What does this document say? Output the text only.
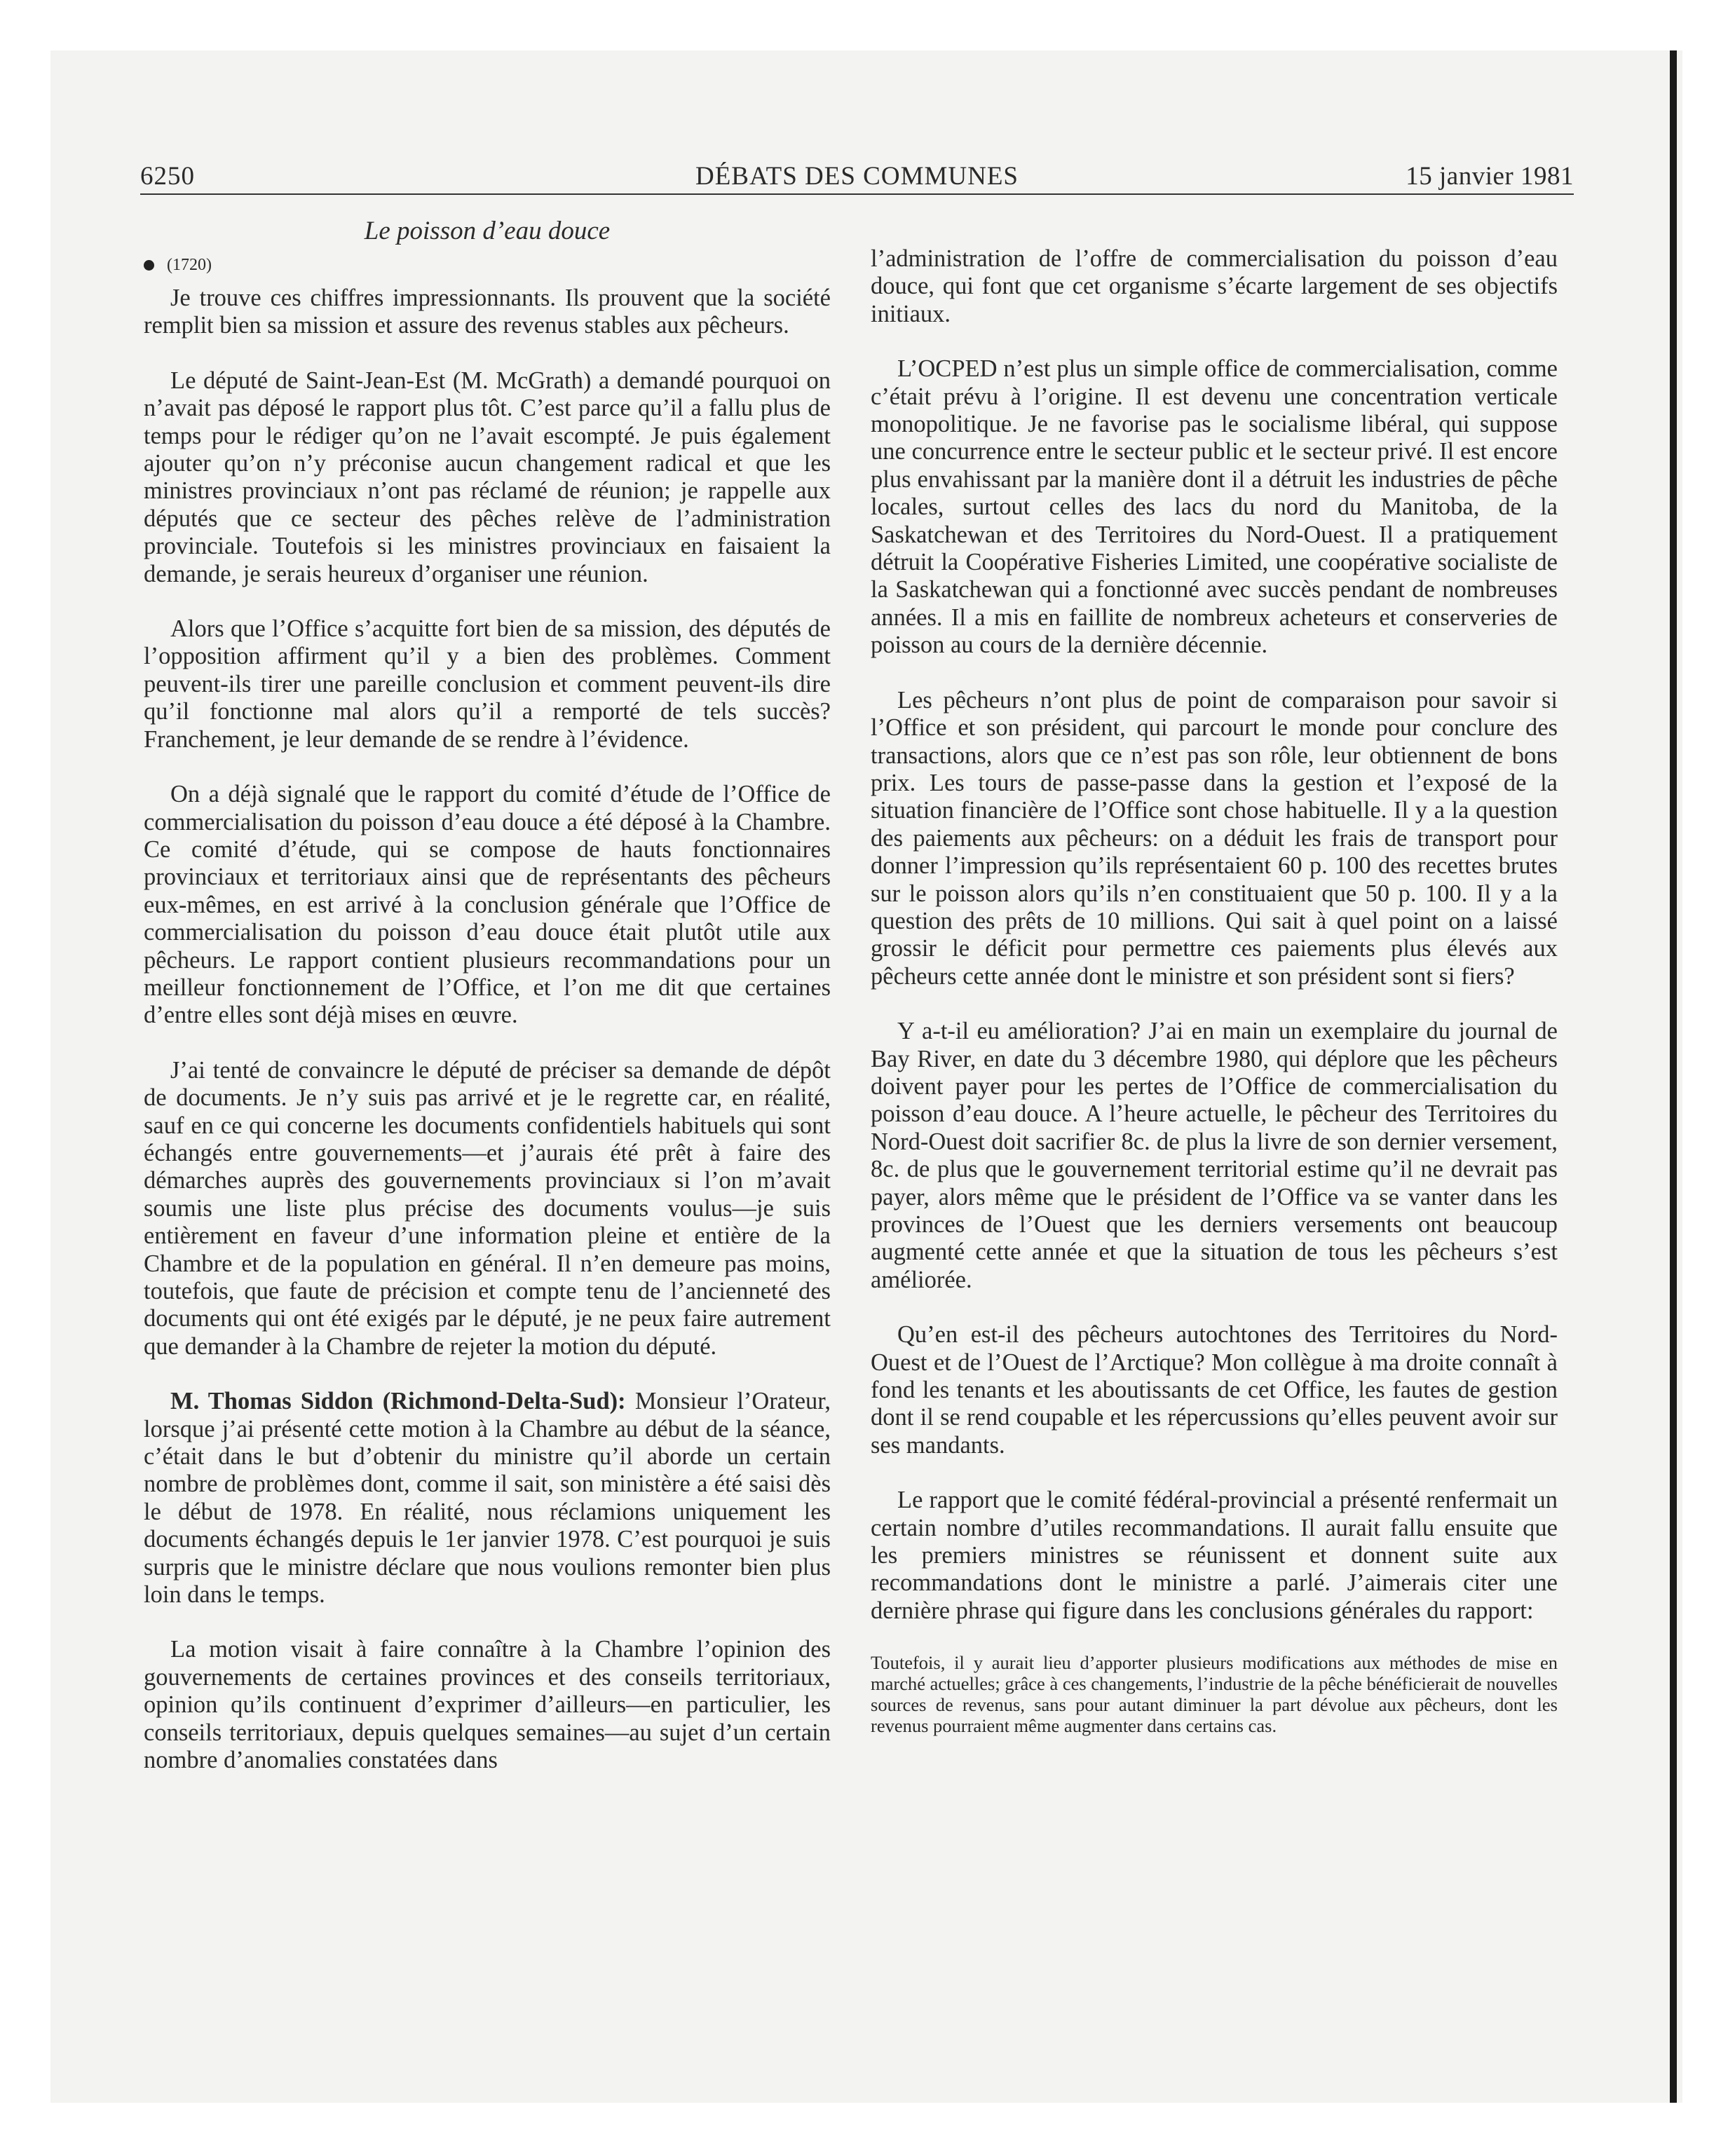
6250	DÉBATS DES COMMUNES	15 janvier 1981
Le poisson d’eau douce
(1720)

Je trouve ces chiffres impressionnants. Ils prouvent que la société remplit bien sa mission et assure des revenus stables aux pêcheurs.

Le député de Saint-Jean-Est (M. McGrath) a demandé pourquoi on n’avait pas déposé le rapport plus tôt. C’est parce qu’il a fallu plus de temps pour le rédiger qu’on ne l’avait escompté. Je puis également ajouter qu’on n’y préconise aucun changement radical et que les ministres provinciaux n’ont pas réclamé de réunion; je rappelle aux députés que ce secteur des pêches relève de l’administration provinciale. Toutefois si les ministres provinciaux en faisaient la demande, je serais heureux d’organiser une réunion.

Alors que l’Office s’acquitte fort bien de sa mission, des députés de l’opposition affirment qu’il y a bien des problèmes. Comment peuvent-ils tirer une pareille conclusion et comment peuvent-ils dire qu’il fonctionne mal alors qu’il a remporté de tels succès? Franchement, je leur demande de se rendre à l’évidence.

On a déjà signalé que le rapport du comité d’étude de l’Office de commercialisation du poisson d’eau douce a été déposé à la Chambre. Ce comité d’étude, qui se compose de hauts fonctionnaires provinciaux et territoriaux ainsi que de représentants des pêcheurs eux-mêmes, en est arrivé à la conclusion générale que l’Office de commercialisation du poisson d’eau douce était plutôt utile aux pêcheurs. Le rapport contient plusieurs recommandations pour un meilleur fonctionnement de l’Office, et l’on me dit que certaines d’entre elles sont déjà mises en œuvre.

J’ai tenté de convaincre le député de préciser sa demande de dépôt de documents. Je n’y suis pas arrivé et je le regrette car, en réalité, sauf en ce qui concerne les documents confidentiels habituels qui sont échangés entre gouvernements—et j’aurais été prêt à faire des démarches auprès des gouvernements provinciaux si l’on m’avait soumis une liste plus précise des documents voulus—je suis entièrement en faveur d’une information pleine et entière de la Chambre et de la population en général. Il n’en demeure pas moins, toutefois, que faute de précision et compte tenu de l’ancienneté des documents qui ont été exigés par le député, je ne peux faire autrement que demander à la Chambre de rejeter la motion du député.

M. Thomas Siddon (Richmond-Delta-Sud): Monsieur l’Orateur, lorsque j’ai présenté cette motion à la Chambre au début de la séance, c’était dans le but d’obtenir du ministre qu’il aborde un certain nombre de problèmes dont, comme il sait, son ministère a été saisi dès le début de 1978. En réalité, nous réclamions uniquement les documents échangés depuis le 1er janvier 1978. C’est pourquoi je suis surpris que le ministre déclare que nous voulions remonter bien plus loin dans le temps.

La motion visait à faire connaître à la Chambre l’opinion des gouvernements de certaines provinces et des conseils territoriaux, opinion qu’ils continuent d’exprimer d’ailleurs—en particulier, les conseils territoriaux, depuis quelques semaines—au sujet d’un certain nombre d’anomalies constatées dans

l’administration de l’offre de commercialisation du poisson d’eau douce, qui font que cet organisme s’écarte largement de ses objectifs initiaux.

L’OCPED n’est plus un simple office de commercialisation, comme c’était prévu à l’origine. Il est devenu une concentration verticale monopolitique. Je ne favorise pas le socialisme libéral, qui suppose une concurrence entre le secteur public et le secteur privé. Il est encore plus envahissant par la manière dont il a détruit les industries de pêche locales, surtout celles des lacs du nord du Manitoba, de la Saskatchewan et des Territoires du Nord-Ouest. Il a pratiquement détruit la Coopérative Fisheries Limited, une coopérative socialiste de la Saskatchewan qui a fonctionné avec succès pendant de nombreuses années. Il a mis en faillite de nombreux acheteurs et conserveries de poisson au cours de la dernière décennie.

Les pêcheurs n’ont plus de point de comparaison pour savoir si l’Office et son président, qui parcourt le monde pour conclure des transactions, alors que ce n’est pas son rôle, leur obtiennent de bons prix. Les tours de passe-passe dans la gestion et l’exposé de la situation financière de l’Office sont chose habituelle. Il y a la question des paiements aux pêcheurs: on a déduit les frais de transport pour donner l’impression qu’ils représentaient 60 p. 100 des recettes brutes sur le poisson alors qu’ils n’en constituaient que 50 p. 100. Il y a la question des prêts de 10 millions. Qui sait à quel point on a laissé grossir le déficit pour permettre ces paiements plus élevés aux pêcheurs cette année dont le ministre et son président sont si fiers?

Y a-t-il eu amélioration? J’ai en main un exemplaire du journal de Bay River, en date du 3 décembre 1980, qui déplore que les pêcheurs doivent payer pour les pertes de l’Office de commercialisation du poisson d’eau douce. A l’heure actuelle, le pêcheur des Territoires du Nord-Ouest doit sacrifier 8c. de plus la livre de son dernier versement, 8c. de plus que le gouvernement territorial estime qu’il ne devrait pas payer, alors même que le président de l’Office va se vanter dans les provinces de l’Ouest que les derniers versements ont beaucoup augmenté cette année et que la situation de tous les pêcheurs s’est améliorée.

Qu’en est-il des pêcheurs autochtones des Territoires du Nord-Ouest et de l’Ouest de l’Arctique? Mon collègue à ma droite connaît à fond les tenants et les aboutissants de cet Office, les fautes de gestion dont il se rend coupable et les répercussions qu’elles peuvent avoir sur ses mandants.

Le rapport que le comité fédéral-provincial a présenté renfermait un certain nombre d’utiles recommandations. Il aurait fallu ensuite que les premiers ministres se réunissent et donnent suite aux recommandations dont le ministre a parlé. J’aimerais citer une dernière phrase qui figure dans les conclusions générales du rapport:

Toutefois, il y aurait lieu d’apporter plusieurs modifications aux méthodes de mise en marché actuelles; grâce à ces changements, l’industrie de la pêche bénéficierait de nouvelles sources de revenus, sans pour autant diminuer la part dévolue aux pêcheurs, dont les revenus pourraient même augmenter dans certains cas.
